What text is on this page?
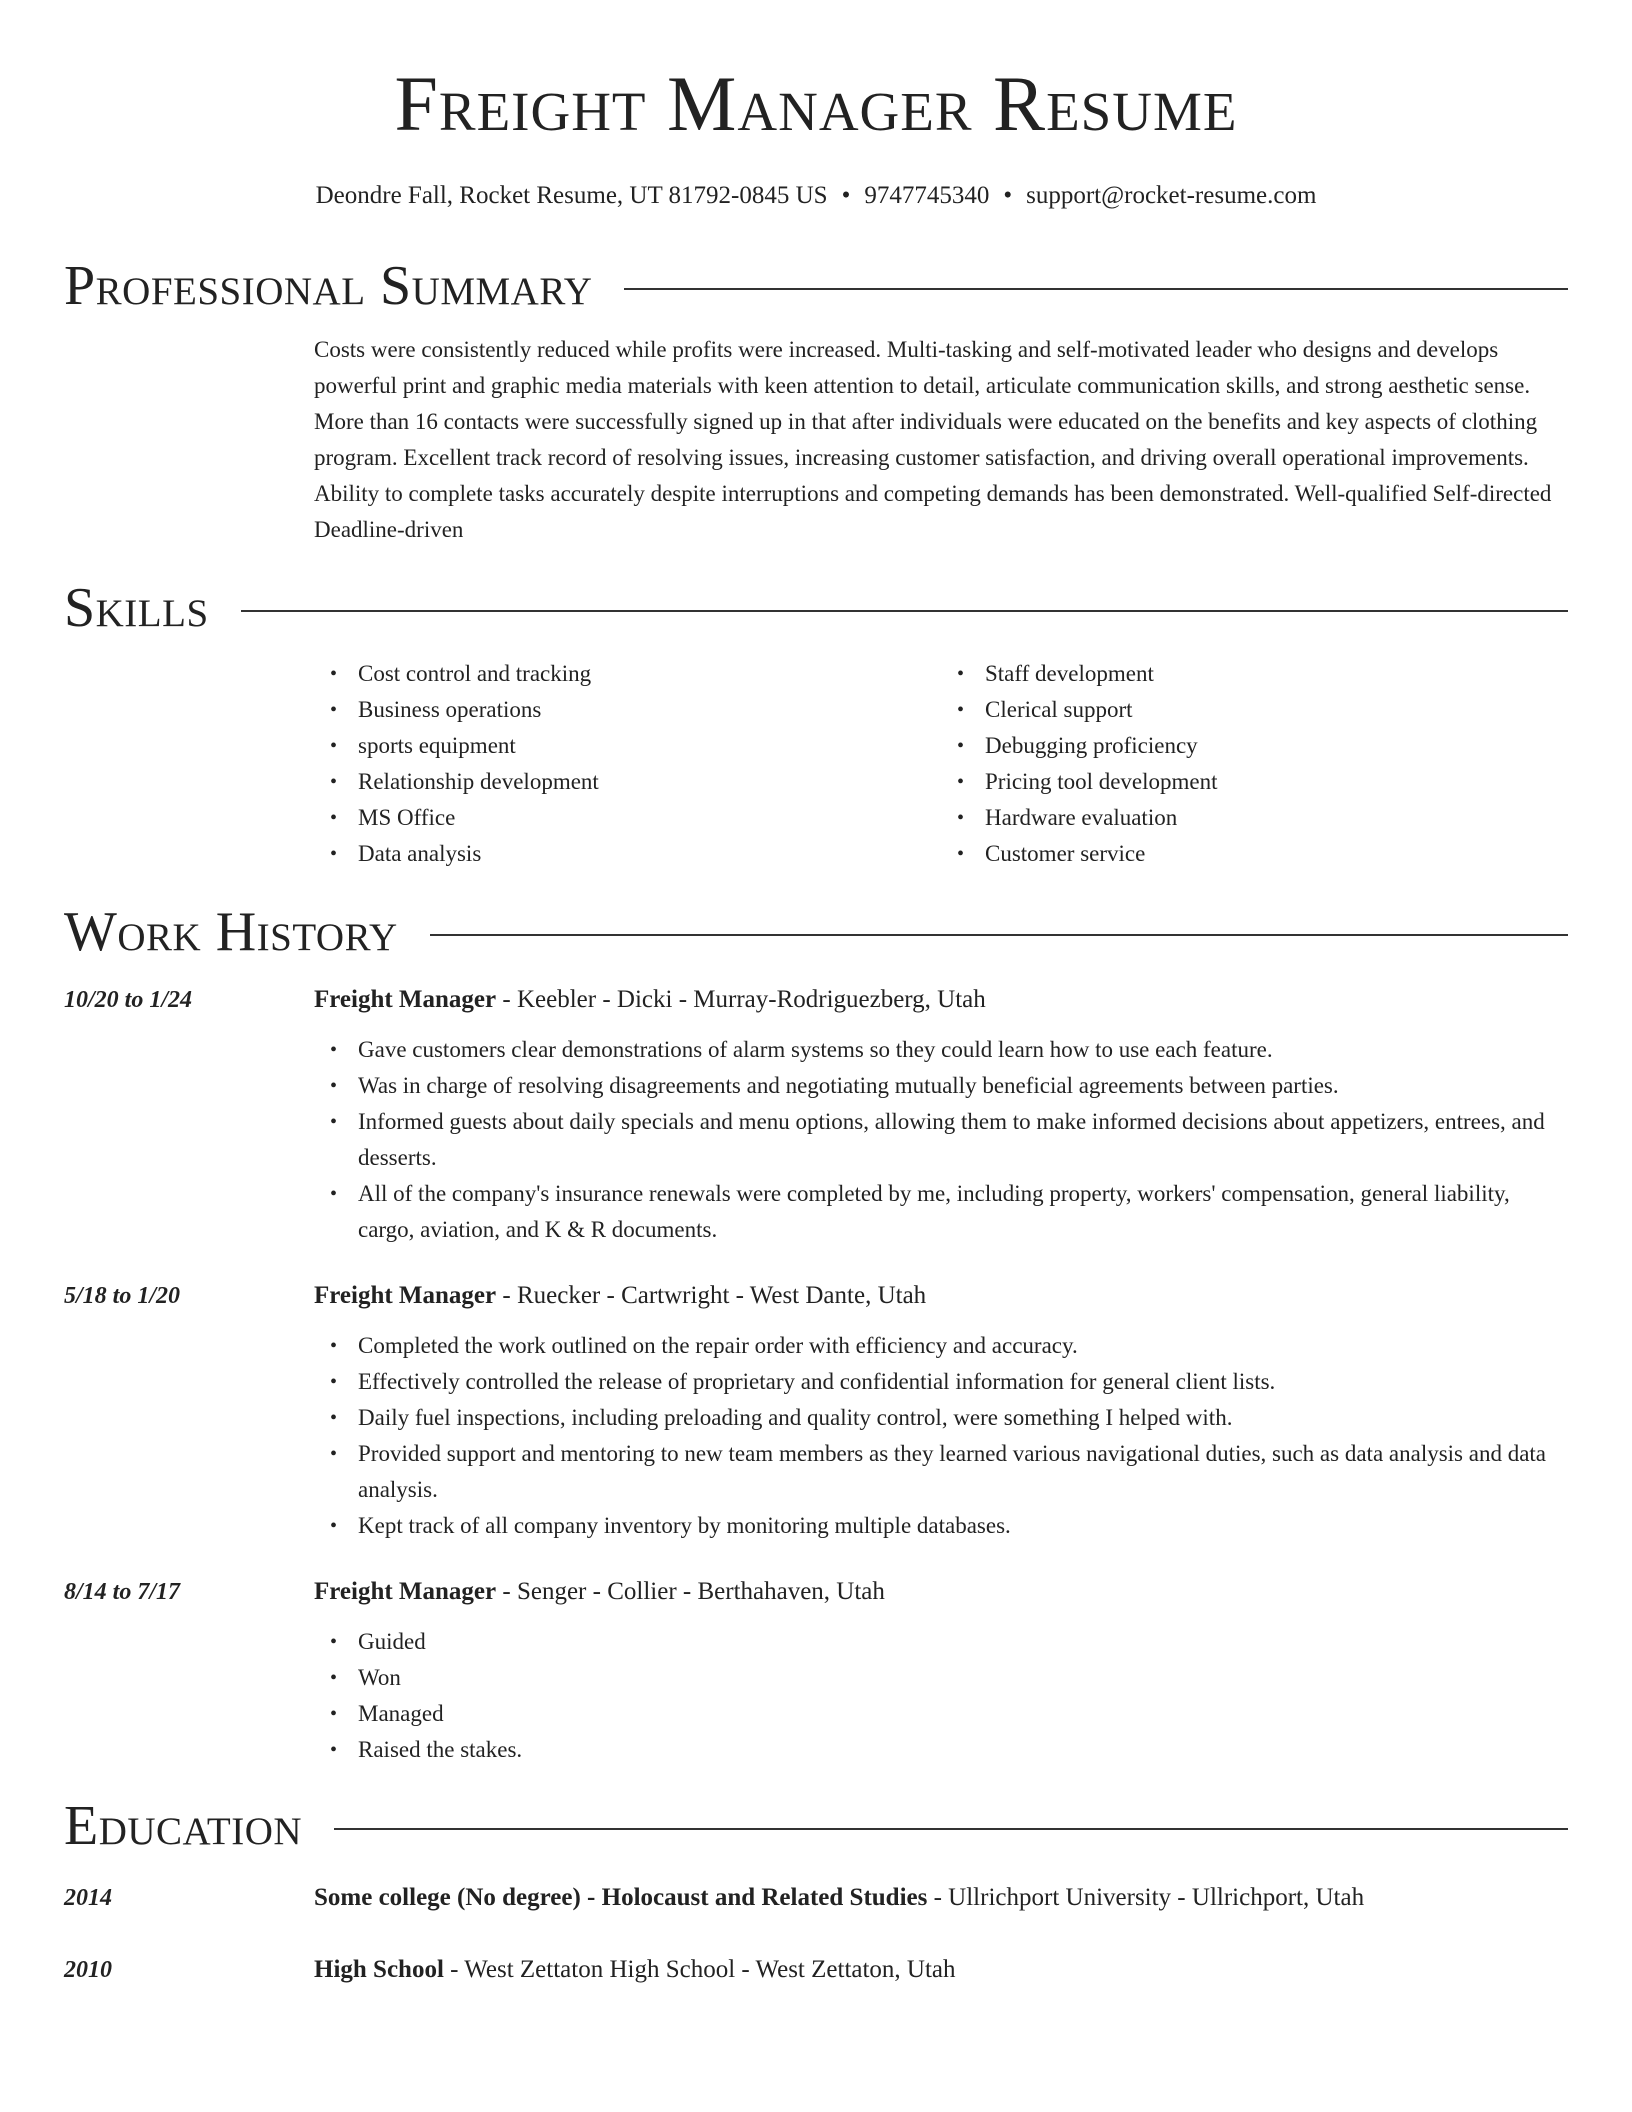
Freight Manager Resume
Deondre Fall, Rocket Resume, UT 81792-0845 US • 9747745340 • support@rocket-resume.com
Professional Summary
Costs were consistently reduced while profits were increased. Multi-tasking and self-motivated leader who designs and develops powerful print and graphic media materials with keen attention to detail, articulate communication skills, and strong aesthetic sense. More than 16 contacts were successfully signed up in that after individuals were educated on the benefits and key aspects of clothing program. Excellent track record of resolving issues, increasing customer satisfaction, and driving overall operational improvements. Ability to complete tasks accurately despite interruptions and competing demands has been demonstrated. Well-qualified Self-directed Deadline-driven
Skills
• Cost control and tracking
• Business operations
• sports equipment
• Relationship development
• MS Office
• Data analysis
• Staff development
• Clerical support
• Debugging proficiency
• Pricing tool development
• Hardware evaluation
• Customer service
Work History
10/20 to 1/24	Freight Manager - Keebler - Dicki - Murray-Rodriguezberg, Utah
• Gave customers clear demonstrations of alarm systems so they could learn how to use each feature.
• Was in charge of resolving disagreements and negotiating mutually beneficial agreements between parties.
• Informed guests about daily specials and menu options, allowing them to make informed decisions about appetizers, entrees, and desserts.
• All of the company's insurance renewals were completed by me, including property, workers' compensation, general liability, cargo, aviation, and K & R documents.
5/18 to 1/20	Freight Manager - Ruecker - Cartwright - West Dante, Utah
• Completed the work outlined on the repair order with efficiency and accuracy.
• Effectively controlled the release of proprietary and confidential information for general client lists.
• Daily fuel inspections, including preloading and quality control, were something I helped with.
• Provided support and mentoring to new team members as they learned various navigational duties, such as data analysis and data analysis.
• Kept track of all company inventory by monitoring multiple databases.
8/14 to 7/17	Freight Manager - Senger - Collier - Berthahaven, Utah
• Guided
• Won
• Managed
• Raised the stakes.
Education
2014	Some college (No degree) - Holocaust and Related Studies - Ullrichport University - Ullrichport, Utah
2010	High School - West Zettaton High School - West Zettaton, Utah
